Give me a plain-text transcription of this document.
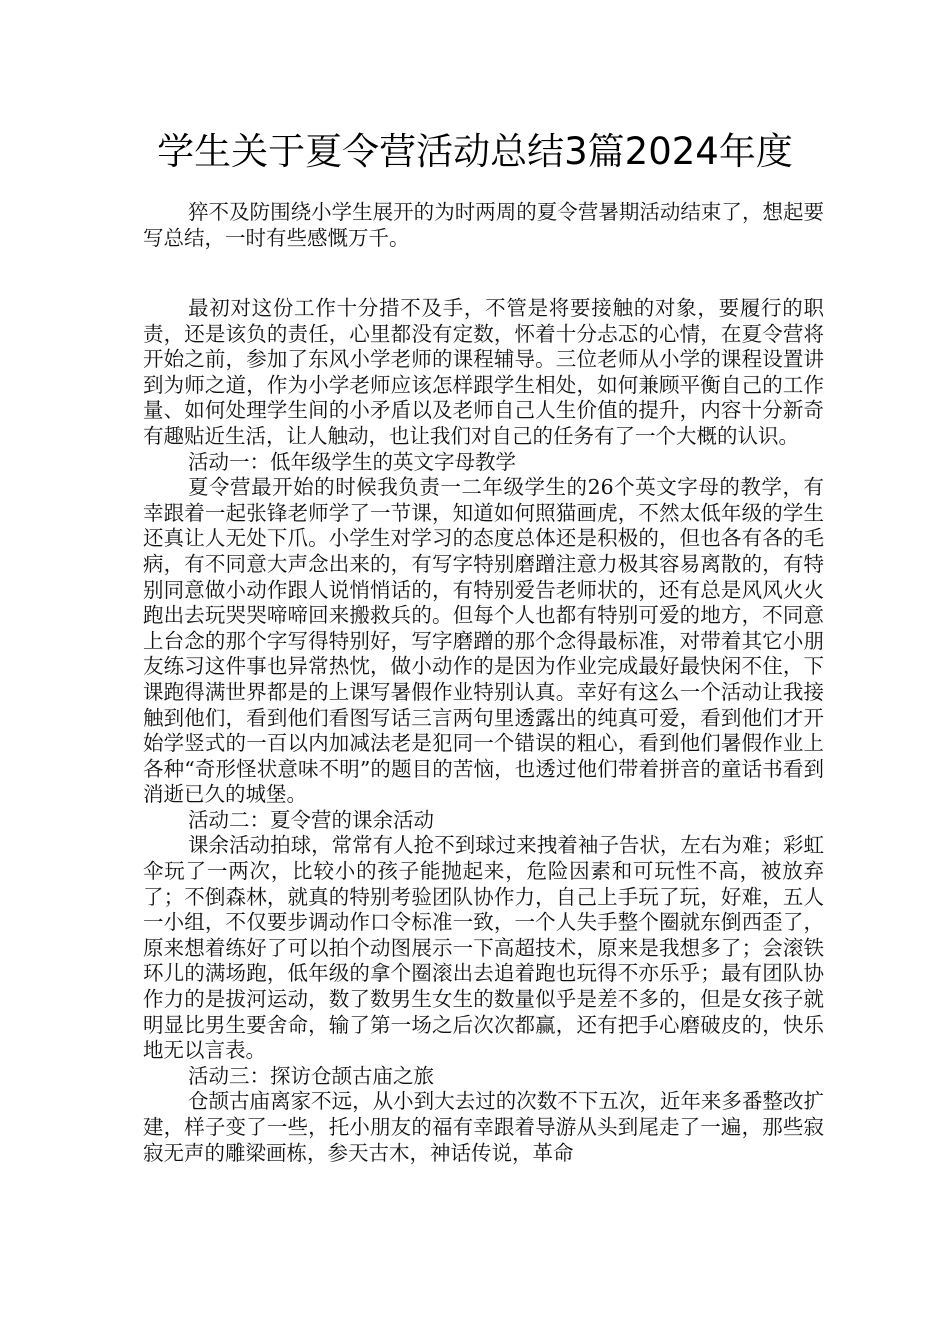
学生关于夏令营活动总结3篇2024年度

猝不及防围绕小学生展开的为时两周的夏令营暑期活动结束了，想起要写总结，一时有些感慨万千。

最初对这份工作十分措不及手，不管是将要接触的对象，要履行的职责，还是该负的责任，心里都没有定数，怀着十分忐忑的心情，在夏令营将开始之前，参加了东风小学老师的课程辅导。三位老师从小学的课程设置讲到为师之道，作为小学老师应该怎样跟学生相处，如何兼顾平衡自己的工作量、如何处理学生间的小矛盾以及老师自己人生价值的提升，内容十分新奇有趣贴近生活，让人触动，也让我们对自己的任务有了一个大概的认识。

活动一：低年级学生的英文字母教学

夏令营最开始的时候我负责一二年级学生的26个英文字母的教学，有幸跟着一起张锋老师学了一节课，知道如何照猫画虎，不然太低年级的学生还真让人无处下爪。小学生对学习的态度总体还是积极的，但也各有各的毛病，有不同意大声念出来的，有写字特别磨蹭注意力极其容易离散的，有特别同意做小动作跟人说悄悄话的，有特别爱告老师状的，还有总是风风火火跑出去玩哭哭啼啼回来搬救兵的。但每个人也都有特别可爱的地方，不同意上台念的那个字写得特别好，写字磨蹭的那个念得最标准，对带着其它小朋友练习这件事也异常热忱，做小动作的是因为作业完成最好最快闲不住，下课跑得满世界都是的上课写暑假作业特别认真。幸好有这么一个活动让我接触到他们，看到他们看图写话三言两句里透露出的纯真可爱，看到他们才开始学竖式的一百以内加减法老是犯同一个错误的粗心，看到他们暑假作业上各种“奇形怪状意味不明”的题目的苦恼，也透过他们带着拼音的童话书看到消逝已久的城堡。

活动二：夏令营的课余活动

课余活动拍球，常常有人抢不到球过来拽着袖子告状，左右为难；彩虹伞玩了一两次，比较小的孩子能抛起来，危险因素和可玩性不高，被放弃了；不倒森林，就真的特别考验团队协作力，自己上手玩了玩，好难，五人一小组，不仅要步调动作口令标准一致，一个人失手整个圈就东倒西歪了，原来想着练好了可以拍个动图展示一下高超技术，原来是我想多了；会滚铁环儿的满场跑，低年级的拿个圈滚出去追着跑也玩得不亦乐乎；最有团队协作力的是拔河运动，数了数男生女生的数量似乎是差不多的，但是女孩子就明显比男生要舍命，输了第一场之后次次都赢，还有把手心磨破皮的，快乐地无以言表。

活动三：探访仓颉古庙之旅

仓颉古庙离家不远，从小到大去过的次数不下五次，近年来多番整改扩建，样子变了一些，托小朋友的福有幸跟着导游从头到尾走了一遍，那些寂寂无声的雕梁画栋，参天古木，神话传说，革命
